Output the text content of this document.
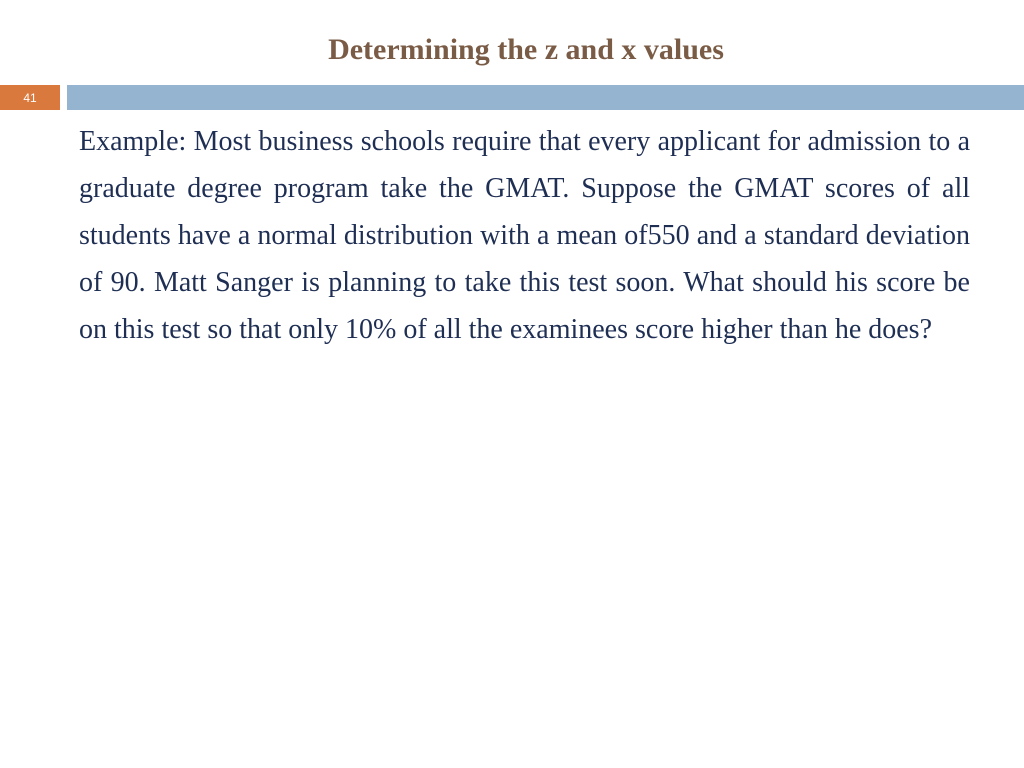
Determining the z and x values
41

Example: Most business schools require that every applicant for admission to a graduate degree program take the GMAT. Suppose the GMAT scores of all students have a normal distribution with a mean of550 and a standard deviation of 90. Matt Sanger is planning to take this test soon. What should his score be on this test so that only 10% of all the examinees score higher than he does?
